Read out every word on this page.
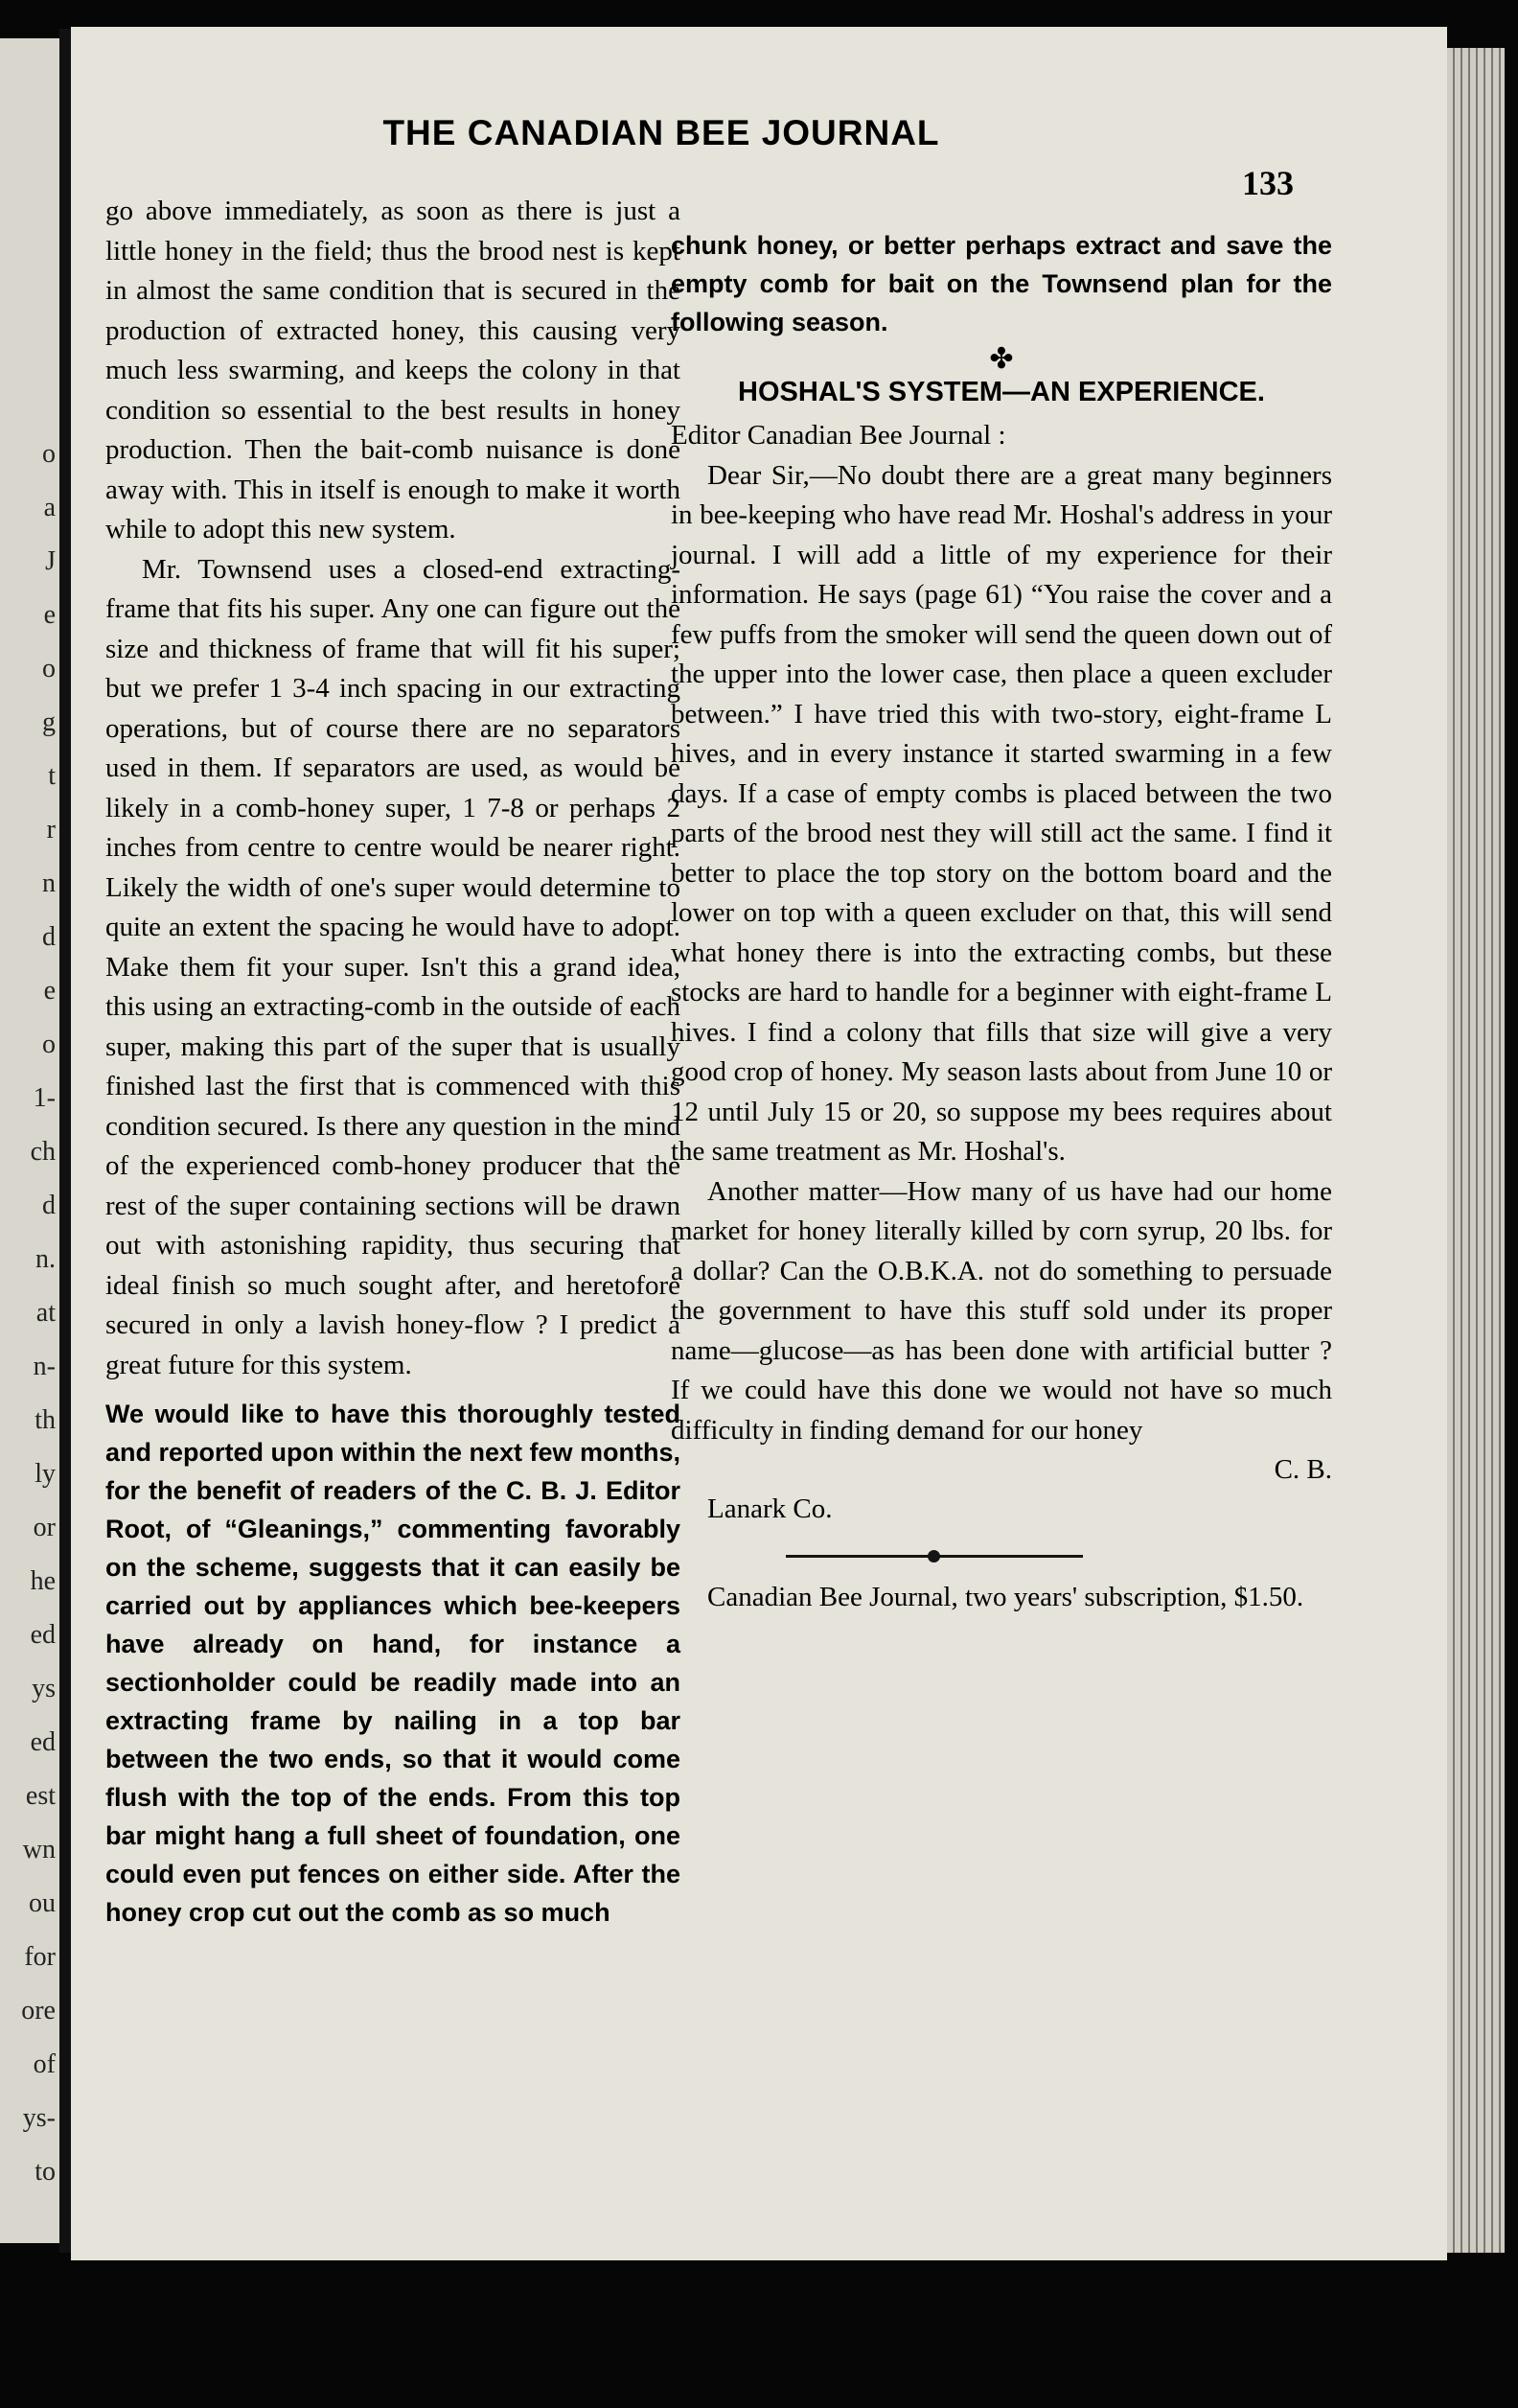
o
a
J
e
o
g
t
r
n
d
e
o
1-
ch
d
n.
at
n-
th
ly
or
he
ed
ys
ed
est
wn
ou
for
ore
of
ys-
to
THE CANADIAN BEE JOURNAL
133

go above immediately, as soon as there is just a little honey in the field; thus the brood nest is kept in almost the same condition that is secured in the production of extracted honey, this causing very much less swarming, and keeps the colony in that condition so essential to the best results in honey production. Then the bait-comb nuisance is done away with. This in itself is enough to make it worth while to adopt this new system.

Mr. Townsend uses a closed-end extracting-frame that fits his super. Any one can figure out the size and thickness of frame that will fit his super; but we prefer 1 3-4 inch spacing in our extracting operations, but of course there are no separators used in them. If separators are used, as would be likely in a comb-honey super, 1 7-8 or perhaps 2 inches from centre to centre would be nearer right. Likely the width of one's super would determine to quite an extent the spacing he would have to adopt. Make them fit your super. Isn't this a grand idea, this using an extracting-comb in the outside of each super, making this part of the super that is usually finished last the first that is commenced with this condition secured. Is there any question in the mind of the experienced comb-honey producer that the rest of the super containing sections will be drawn out with astonishing rapidity, thus securing that ideal finish so much sought after, and heretofore secured in only a lavish honey-flow ? I predict a great future for this system.

We would like to have this thoroughly tested and reported upon within the next few months, for the benefit of readers of the C. B. J. Editor Root, of “Gleanings,” commenting favorably on the scheme, suggests that it can easily be carried out by appliances which bee-keepers have already on hand, for instance a sectionholder could be readily made into an extracting frame by nailing in a top bar between the two ends, so that it would come flush with the top of the ends. From this top bar might hang a full sheet of foundation, one could even put fences on either side. After the honey crop cut out the comb as so much

chunk honey, or better perhaps extract and save the empty comb for bait on the Townsend plan for the following season.

✤
HOSHAL'S SYSTEM—AN EXPERIENCE.

Editor Canadian Bee Journal :

Dear Sir,—No doubt there are a great many beginners in bee-keeping who have read Mr. Hoshal's address in your journal. I will add a little of my experience for their information. He says (page 61) “You raise the cover and a few puffs from the smoker will send the queen down out of the upper into the lower case, then place a queen excluder between.” I have tried this with two-story, eight-frame L hives, and in every instance it started swarming in a few days. If a case of empty combs is placed between the two parts of the brood nest they will still act the same. I find it better to place the top story on the bottom board and the lower on top with a queen excluder on that, this will send what honey there is into the extracting combs, but these stocks are hard to handle for a beginner with eight-frame L hives. I find a colony that fills that size will give a very good crop of honey. My season lasts about from June 10 or 12 until July 15 or 20, so suppose my bees requires about the same treatment as Mr. Hoshal's.

Another matter—How many of us have had our home market for honey literally killed by corn syrup, 20 lbs. for a dollar? Can the O.B.K.A. not do something to persuade the government to have this stuff sold under its proper name—glucose—as has been done with artificial butter ? If we could have this done we would not have so much difficulty in finding demand for our honey

C. B.

Lanark Co.

Canadian Bee Journal, two years' subscription, $1.50.
